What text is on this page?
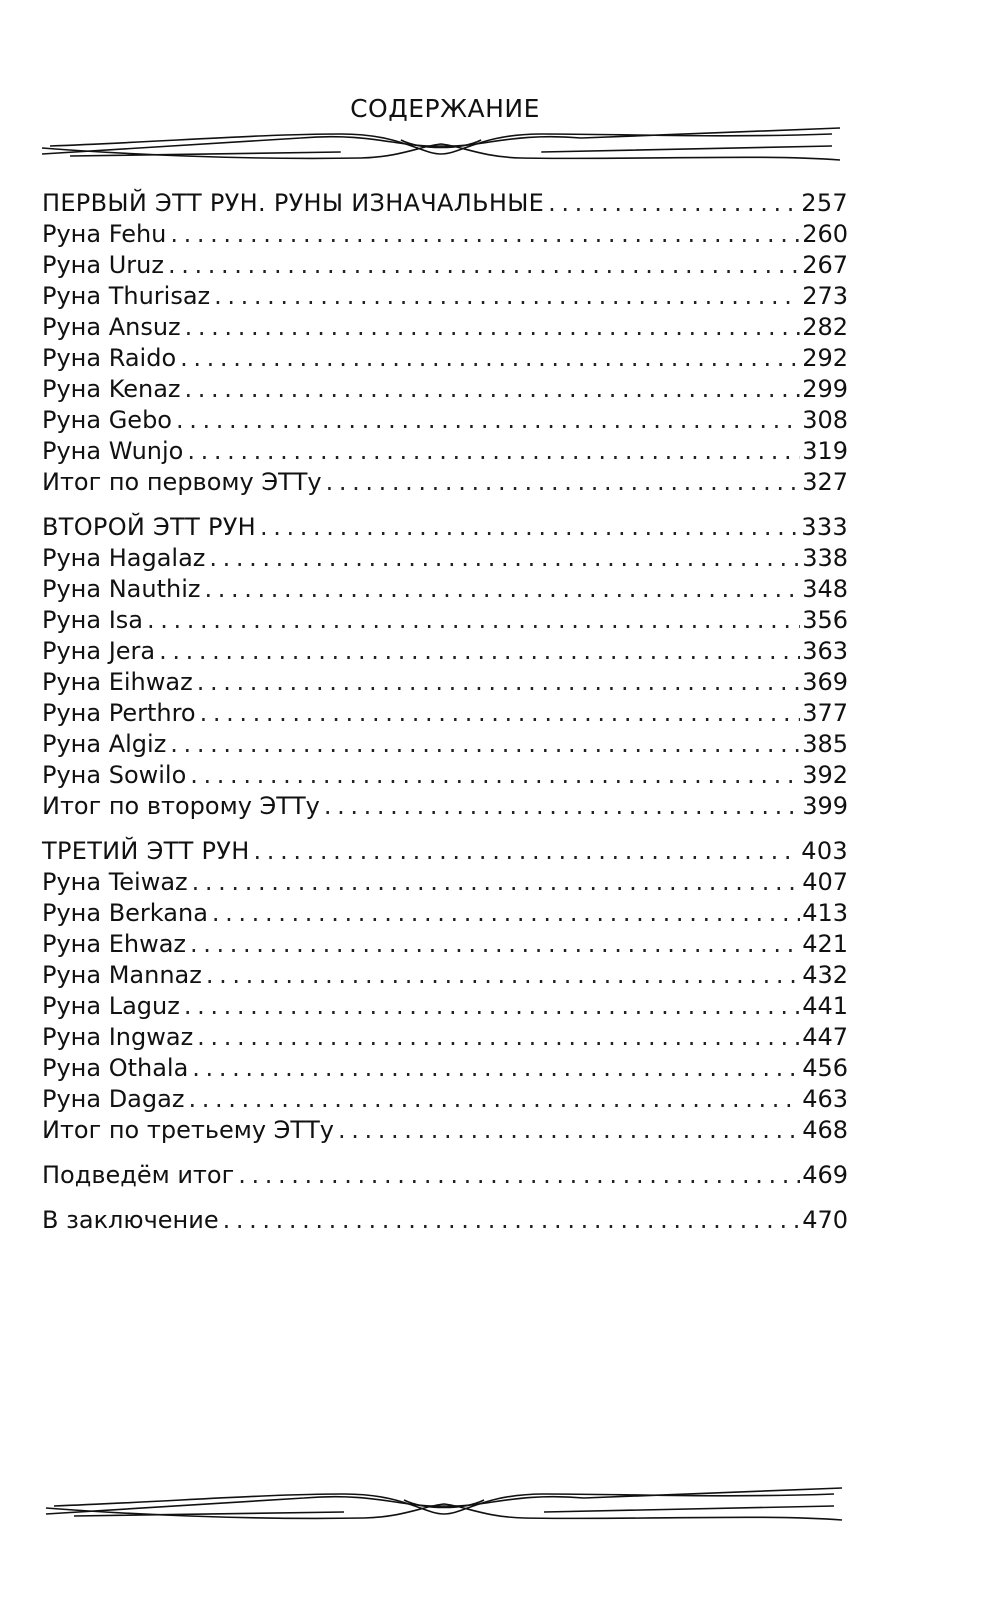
СОДЕРЖАНИЕ
ПЕРВЫЙ ЭТТ РУН. РУНЫ ИЗНАЧАЛЬНЫЕ . . .	257
Руна Fehu . . .	260
Руна Uruz . . .	267
Руна Thurisaz . . .	273
Руна Ansuz . . .	282
Руна Raido . . .	292
Руна Kenaz . . .	299
Руна Gebo . . .	308
Руна Wunjo . . .	319
Итог по первому ЭТТу . . .	327
ВТОРОЙ ЭТТ РУН . . .	333
Руна Hagalaz . . .	338
Руна Nauthiz . . .	348
Руна Isa . . .	356
Руна Jera . . .	363
Руна Eihwaz . . .	369
Руна Perthro . . .	377
Руна Algiz . . .	385
Руна Sowilo . . .	392
Итог по второму ЭТТу . . .	399
ТРЕТИЙ ЭТТ РУН . . .	403
Руна Teiwaz . . .	407
Руна Berkana . . .	413
Руна Ehwaz . . .	421
Руна Mannaz . . .	432
Руна Laguz . . .	441
Руна Ingwaz . . .	447
Руна Othala . . .	456
Руна Dagaz . . .	463
Итог по третьему ЭТТу . . .	468
Подведём итог . . .	469
В заключение . . .	470
